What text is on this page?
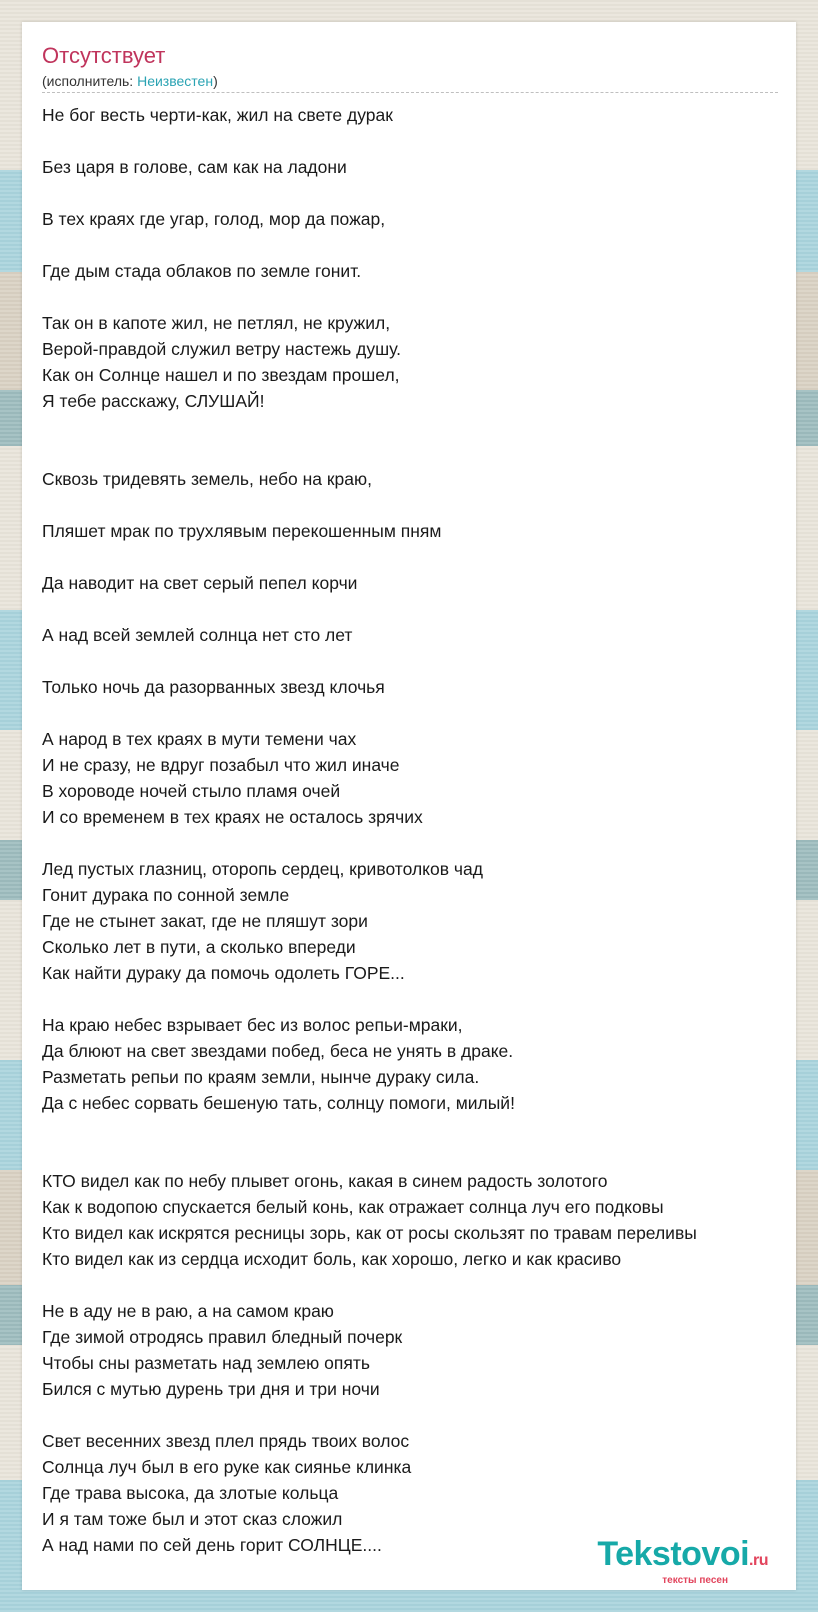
Отсутствует
(исполнитель: Неизвестен)
Не бог весть черти-как, жил на свете дурак
Без царя в голове, сам как на ладони
В тех краях где угар, голод, мор да пожар,
Где дым стада облаков по земле гонит.
Так он в капоте жил, не петлял, не кружил,
Верой-правдой служил ветру настежь душу.
Как он Солнце нашел и по звездам прошел,
Я тебе расскажу, СЛУШАЙ!
Сквозь тридевять земель, небо на краю,
Пляшет мрак по трухлявым перекошенным пням
Да наводит на свет серый пепел корчи
А над всей землей солнца нет сто лет
Только ночь да разорванных звезд клочья
А народ в тех краях в мути темени чах
И не сразу, не вдруг позабыл что жил иначе
В хороводе ночей стыло пламя очей
И со временем в тех краях не осталось зрячих
Лед пустых глазниц, оторопь сердец, кривотолков чад
Гонит дурака по сонной земле
Где не стынет закат, где не пляшут зори
Сколько лет в пути, а сколько впереди
Как найти дураку да помочь одолеть ГОРЕ...
На краю небес взрывает бес из волос репьи-мраки,
Да блюют на свет звездами побед, беса не унять в драке.
Разметать репьи по краям земли, нынче дураку сила.
Да с небес сорвать бешеную тать, солнцу помоги, милый!
КТО видел как по небу плывет огонь, какая в синем радость золотого
Как к водопою спускается белый конь, как отражает солнца луч его подковы
Кто видел как искрятся ресницы зорь, как от росы скользят по травам переливы
Кто видел как из сердца исходит боль, как хорошо, легко и как красиво
Не в аду не в раю, а на самом краю
Где зимой отродясь правил бледный почерк
Чтобы сны разметать над землею опять
Бился с мутью дурень три дня и три ночи
Свет весенних звезд плел прядь твоих волос
Солнца луч был в его руке как сиянье клинка
Где трава высока, да злотые кольца
И я там тоже был и этот сказ сложил
А над нами по сей день горит СОЛНЦЕ....	Tekstovoi.ru
тексты песен
